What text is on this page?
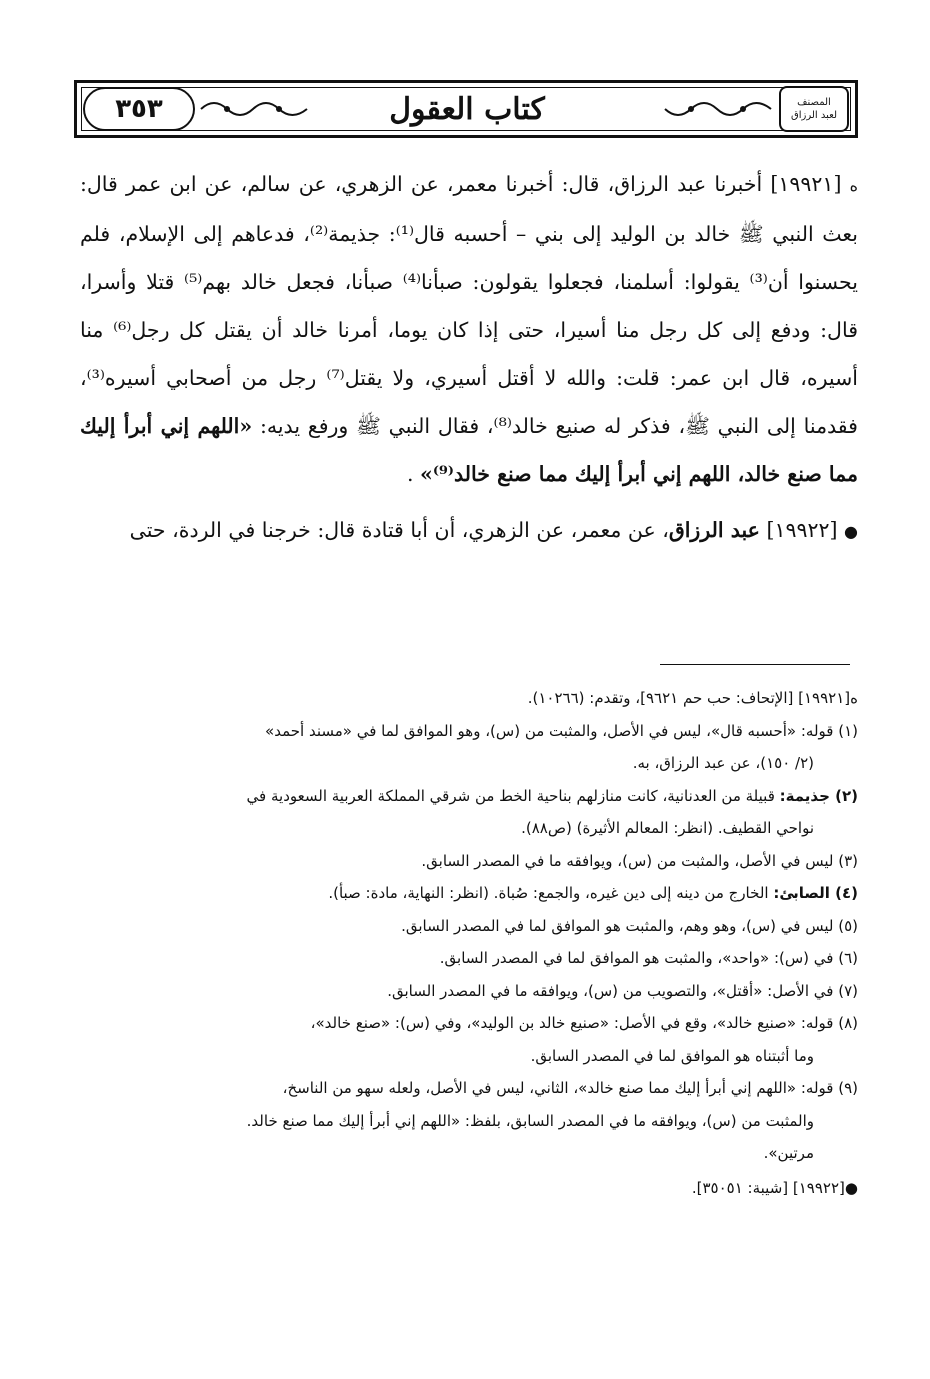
٣٥٣	كتاب العقول	المصنف
لعبد الرزاق

ه [١٩٩٢١] أخبرنا عبد الرزاق، قال: أخبرنا معمر، عن الزهري، عن سالم، عن ابن عمر قال: بعث النبي ﷺ خالد بن الوليد إلى بني – أحسبه قال⁽¹⁾: جذيمة⁽²⁾، فدعاهم إلى الإسلام، فلم يحسنوا أن⁽³⁾ يقولوا: أسلمنا، فجعلوا يقولون: صبأنا⁽⁴⁾ صبأنا، فجعل خالد بهم⁽⁵⁾ قتلا وأسرا، قال: ودفع إلى كل رجل منا أسيرا، حتى إذا كان يوما، أمرنا خالد أن يقتل كل رجل⁽⁶⁾ منا أسيره، قال ابن عمر: قلت: والله لا أقتل أسيري، ولا يقتل⁽⁷⁾ رجل من أصحابي أسيره⁽³⁾، فقدمنا إلى النبي ﷺ، فذكر له صنيع خالد⁽⁸⁾، فقال النبي ﷺ ورفع يديه: «اللهم إني أبرأ إليك مما صنع خالد، اللهم إني أبرأ إليك مما صنع خالد⁽⁹⁾» .

● [١٩٩٢٢] عبد الرزاق، عن معمر، عن الزهري، أن أبا قتادة قال: خرجنا في الردة، حتى

ه[١٩٩٢١] [الإتحاف: حب حم ٩٦٢١]، وتقدم: (١٠٢٦٦).

(١) قوله: «أحسبه قال»، ليس في الأصل، والمثبت من (س)، وهو الموافق لما في «مسند أحمد»

(٢/ ١٥٠)، عن عبد الرزاق، به.

(٢) جذيمة: قبيلة من العدنانية، كانت منازلهم بناحية الخط من شرقي المملكة العربية السعودية في

نواحي القطيف. (انظر: المعالم الأثيرة) (ص٨٨).

(٣) ليس في الأصل، والمثبت من (س)، ويوافقه ما في المصدر السابق.

(٤) الصابئ: الخارج من دينه إلى دين غيره، والجمع: صُباة. (انظر: النهاية، مادة: صبأ).

(٥) ليس في (س)، وهو وهم، والمثبت هو الموافق لما في المصدر السابق.

(٦) في (س): «واحد»، والمثبت هو الموافق لما في المصدر السابق.

(٧) في الأصل: «أقتل»، والتصويب من (س)، ويوافقه ما في المصدر السابق.

(٨) قوله: «صنيع خالد»، وقع في الأصل: «صنيع خالد بن الوليد»، وفي (س): «صنع خالد»،

وما أثبتناه هو الموافق لما في المصدر السابق.

(٩) قوله: «اللهم إني أبرأ إليك مما صنع خالد»، الثاني، ليس في الأصل، ولعله سهو من الناسخ،

والمثبت من (س)، ويوافقه ما في المصدر السابق، بلفظ: «اللهم إني أبرأ إليك مما صنع خالد.

مرتين».

●[١٩٩٢٢] [شيبة: ٣٥٠٥١].
